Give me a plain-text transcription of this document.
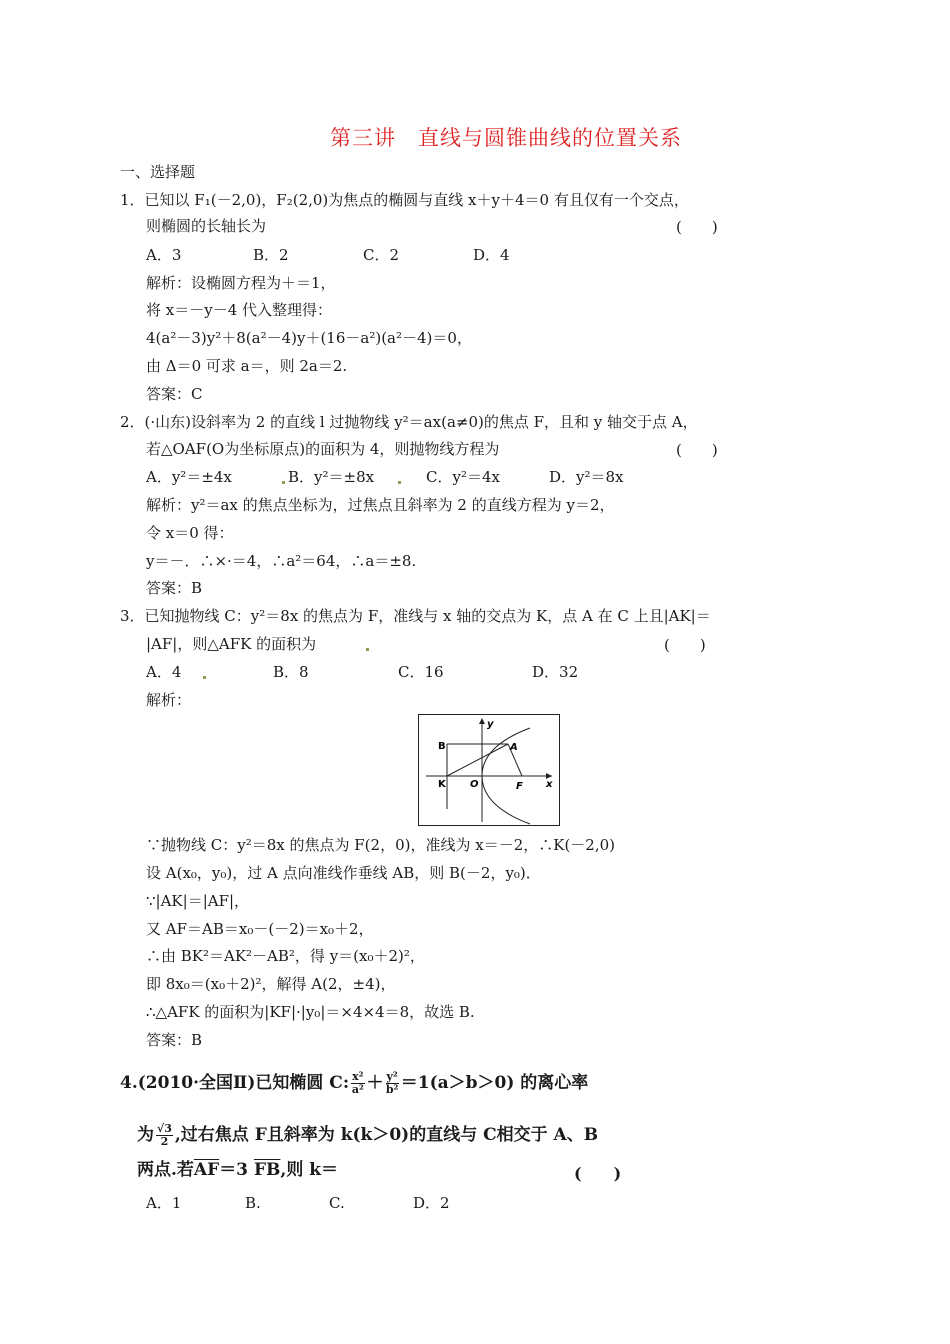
第三讲　直线与圆锥曲线的位置关系
一、选择题
1．已知以 F₁(－2,0)，F₂(2,0)为焦点的椭圆与直线 x＋y＋4＝0 有且仅有一个交点，
则椭圆的长轴长为	(　　)
A．3	B．2	C．2	D．4
解析：设椭圆方程为＋＝1，
将 x＝－y－4 代入整理得：
4(a²－3)y²＋8(a²－4)y＋(16－a²)(a²－4)＝0，
由 Δ＝0 可求 a＝，则 2a＝2.
答案：C
2．(·山东)设斜率为 2 的直线 l 过抛物线 y²＝ax(a≠0)的焦点 F，且和 y 轴交于点 A，
若△OAF(O为坐标原点)的面积为 4，则抛物线方程为	(　　)
A．y²＝±4x	B．y²＝±8x	C．y²＝4x	D．y²＝8x
解析：y²＝ax 的焦点坐标为，过焦点且斜率为 2 的直线方程为 y＝2，
令 x＝0 得：
y＝－．∴×·＝4，∴a²＝64，∴a＝±8.
答案：B
3．已知抛物线 C：y²＝8x 的焦点为 F，准线与 x 轴的交点为 K，点 A 在 C 上且|AK|＝
|AF|，则△AFK 的面积为	(　　)
A．4	B．8	C．16	D．32
解析：
y
x
B	A
K O	F
∵抛物线 C：y²＝8x 的焦点为 F(2，0)，准线为 x＝－2，∴K(－2,0)
设 A(x₀，y₀)，过 A 点向准线作垂线 AB，则 B(－2，y₀)．
∵|AK|＝|AF|，
又 AF＝AB＝x₀－(－2)＝x₀＋2，
∴由 BK²＝AK²－AB²，得 y＝(x₀＋2)²，
即 8x₀＝(x₀＋2)²，解得 A(2，±4)，
∴△AFK 的面积为|KF|·|y₀|＝×4×4＝8，故选 B.
答案：B
4.(2010·全国Ⅱ)已知椭圆 C: $\frac{\text{x²}}{\text{a²}} + \frac{\text{y²}}{\text{b²}} =1(a>b>0)$ 的离心率
为 $\frac{√3}{2}$ ,过右焦点 F且斜率为 k(k＞0)的直线与 C相交于 A、B
两点.若$\overline{AF}=3$ $\overline{FB}$,则 k＝	(　　)
A．1	B.	C.	D．2
